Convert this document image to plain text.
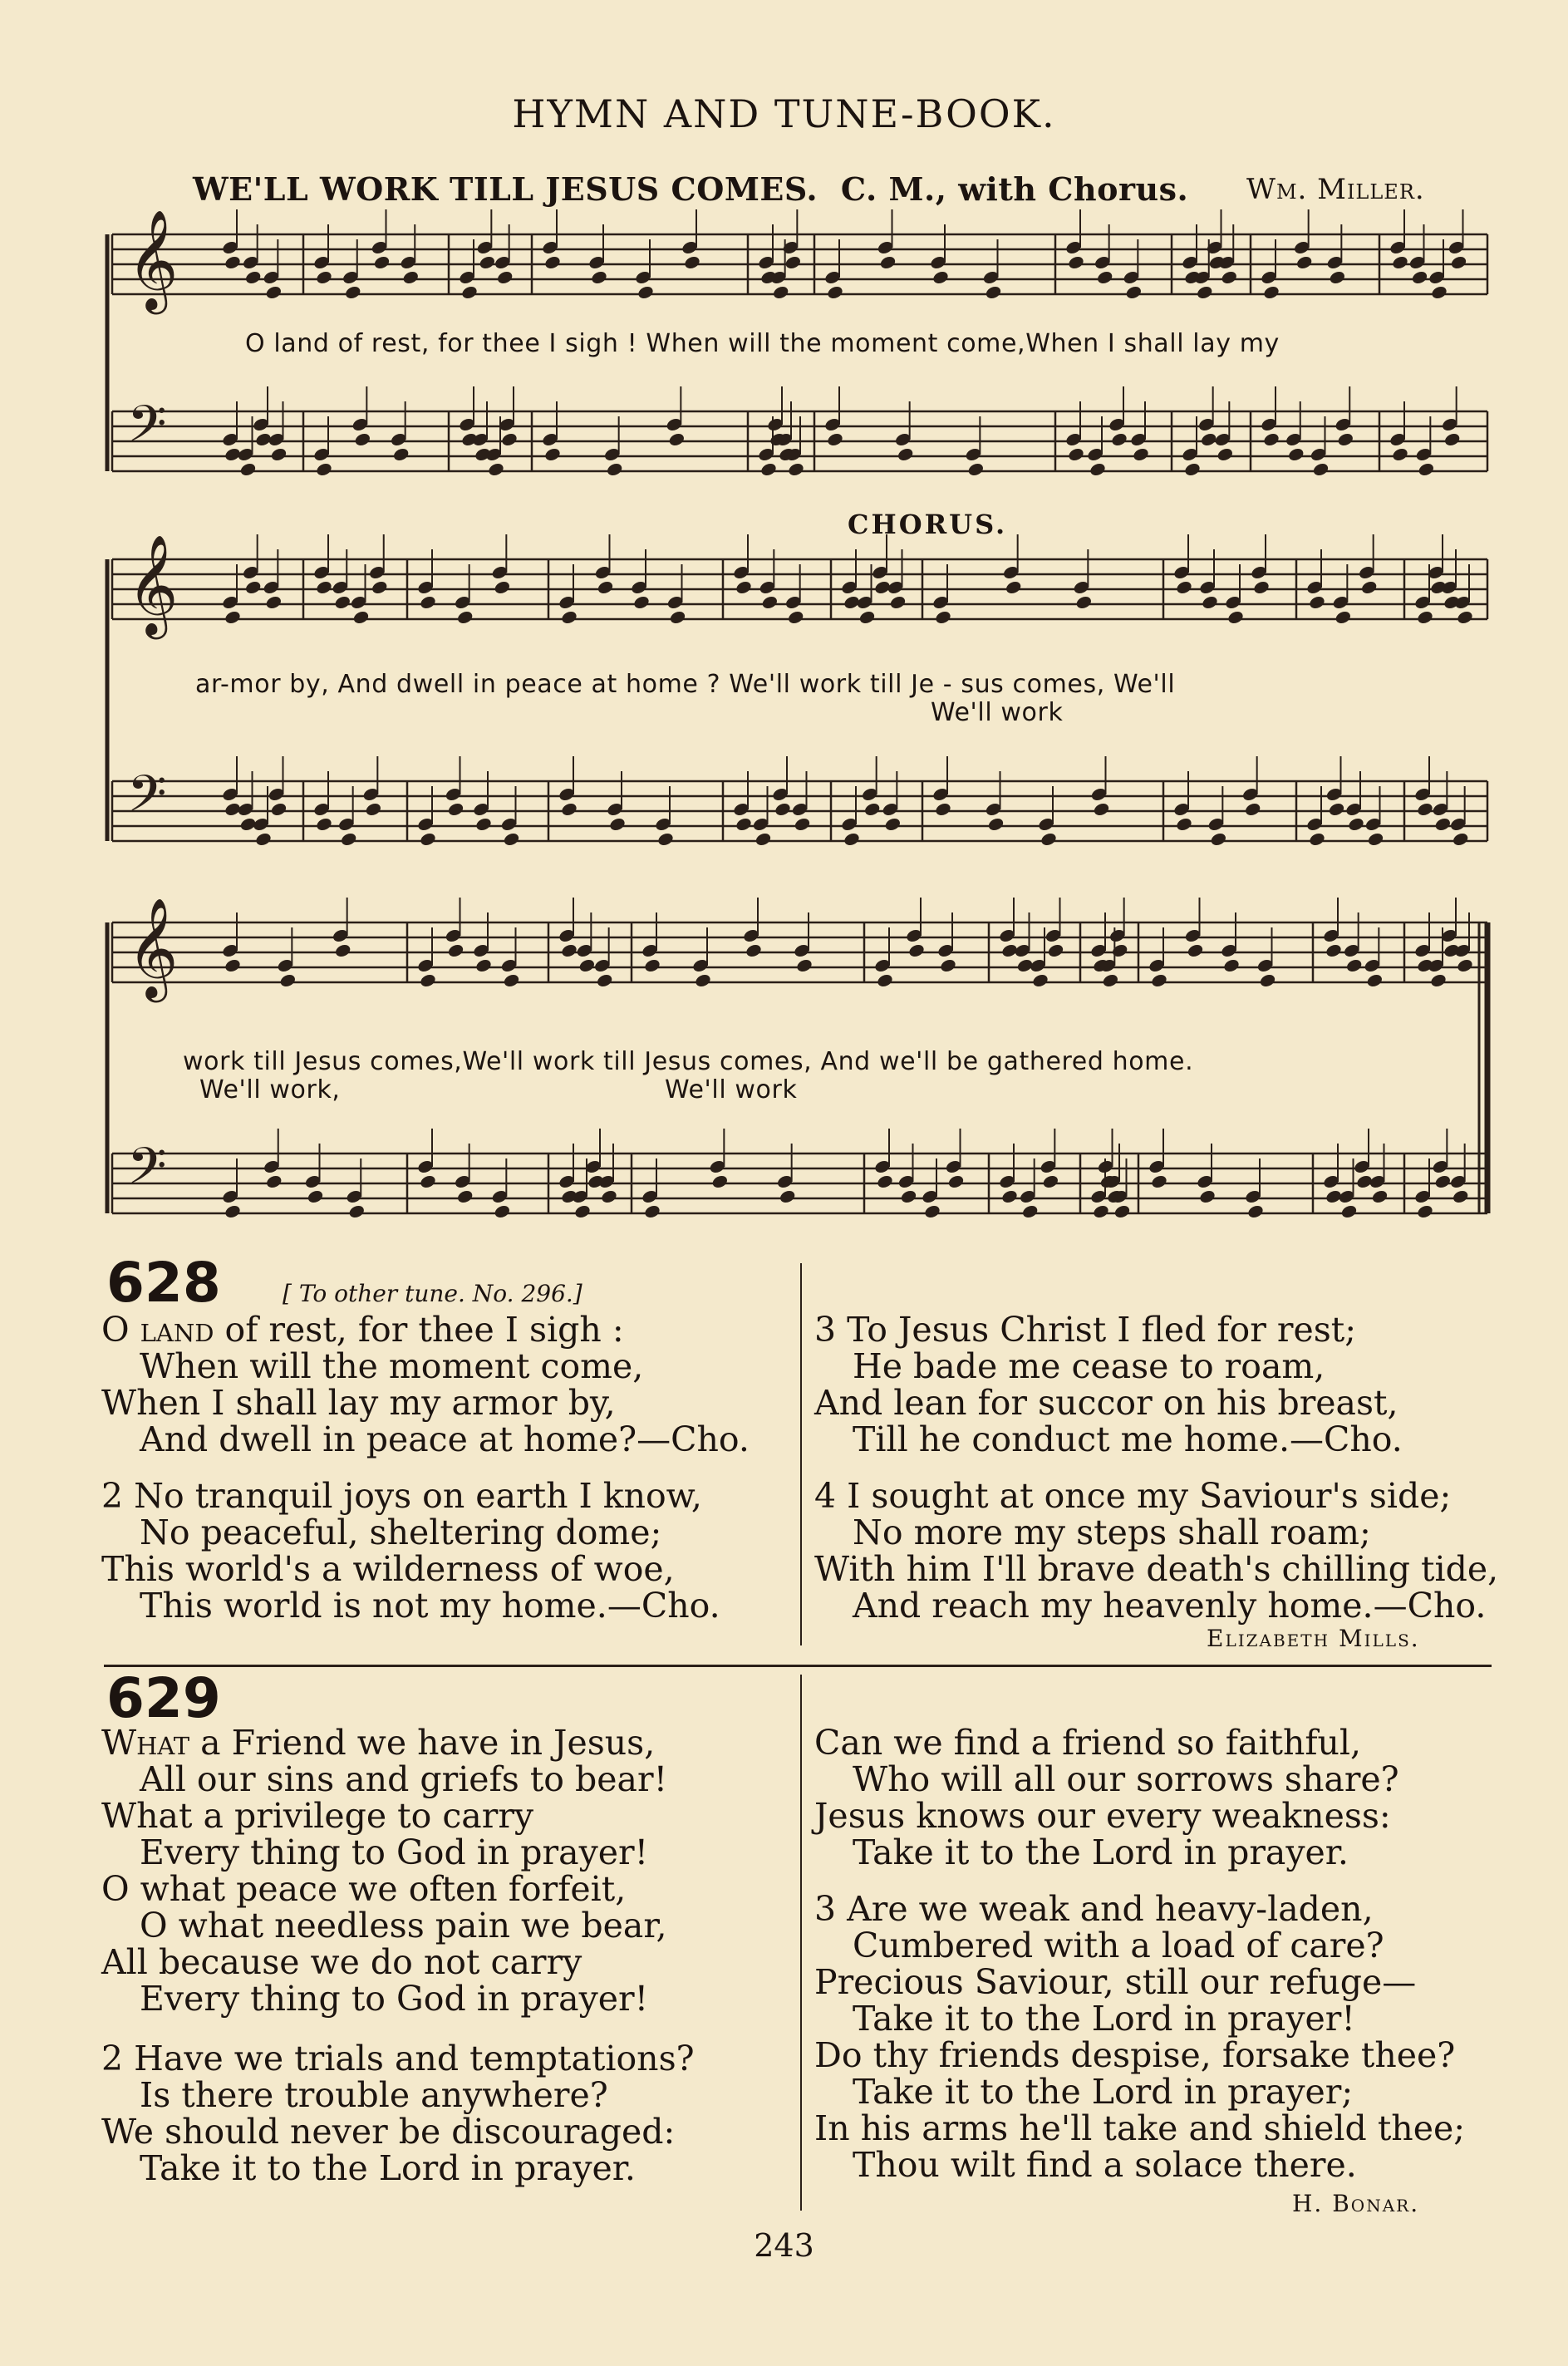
HYMN AND TUNE-BOOK.
WE'LL WORK TILL JESUS COMES. C. M., with Chorus. Wm. Miller.
𝄞
𝄢
𝄞
𝄢
𝄞
𝄢
CHORUS.
O land of rest, for thee I sigh ! When will the moment come,When I shall lay my
ar-mor by, And dwell in peace at home ? We'll work till Je - sus comes, We'll
We'll work
work till Jesus comes,We'll work till Jesus comes, And we'll be gathered home.
We'll work,	We'll work
628	[ To other tune. No. 296.]
O land of rest, for thee I sigh :
When will the moment come,
When I shall lay my armor by,
And dwell in peace at home?—Cho.
2 No tranquil joys on earth I know,
No peaceful, sheltering dome;
This world's a wilderness of woe,
This world is not my home.—Cho.
3 To Jesus Christ I fled for rest;
He bade me cease to roam,
And lean for succor on his breast,
Till he conduct me home.—Cho.
4 I sought at once my Saviour's side;
No more my steps shall roam;
With him I'll brave death's chilling tide,
And reach my heavenly home.—Cho.
Elizabeth Mills.
629
What a Friend we have in Jesus,
All our sins and griefs to bear!
What a privilege to carry
Every thing to God in prayer!
O what peace we often forfeit,
O what needless pain we bear,
All because we do not carry
Every thing to God in prayer!
2 Have we trials and temptations?
Is there trouble anywhere?
We should never be discouraged:
Take it to the Lord in prayer.
Can we find a friend so faithful,
Who will all our sorrows share?
Jesus knows our every weakness:
Take it to the Lord in prayer.
3 Are we weak and heavy-laden,
Cumbered with a load of care?
Precious Saviour, still our refuge—
Take it to the Lord in prayer!
Do thy friends despise, forsake thee?
Take it to the Lord in prayer;
In his arms he'll take and shield thee;
Thou wilt find a solace there.
H. Bonar.
243
